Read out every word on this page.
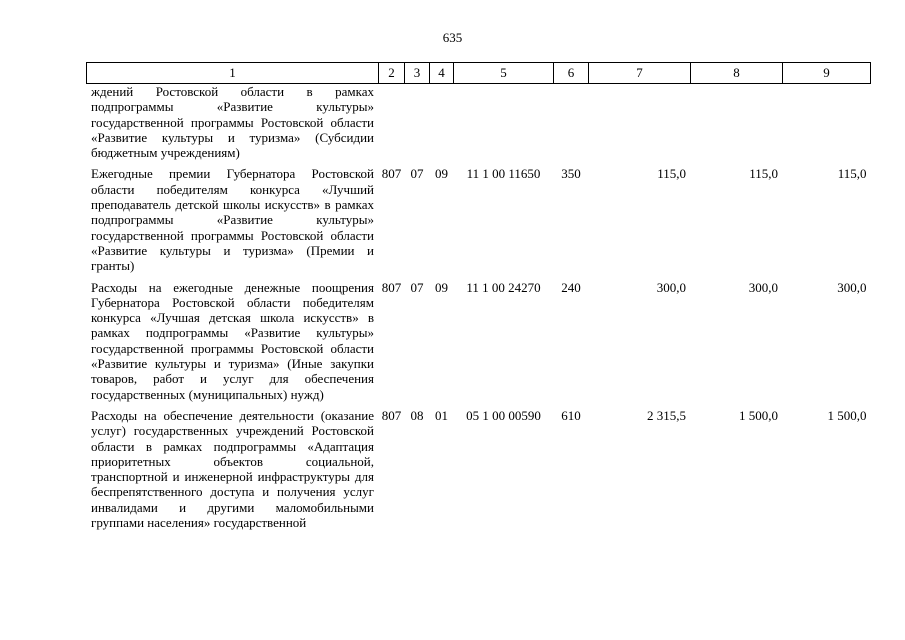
635
1	2	3	4	5	6	7	8	9
ждений Ростовской области в рамках подпрограммы «Развитие культуры» государственной программы Ростовской области «Развитие культуры и туризма» (Субсидии бюджетным учреждениям)								
Ежегодные премии Губернатора Ростовской области победителям конкурса «Лучший преподаватель детской школы искусств» в рамках подпрограммы «Развитие культуры» государственной программы Ростовской области «Развитие культуры и туризма» (Премии и гранты)	807	07	09	11 1 00 11650	350	115,0	115,0	115,0
Расходы на ежегодные денежные поощрения Губернатора Ростовской области победителям конкурса «Лучшая детская школа искусств» в рамках подпрограммы «Развитие культуры» государственной программы Ростовской области «Развитие культуры и туризма» (Иные закупки товаров, работ и услуг для обеспечения государственных (муниципальных) нужд)	807	07	09	11 1 00 24270	240	300,0	300,0	300,0
Расходы на обеспечение деятельности (оказание услуг) государственных учреждений Ростовской области в рамках подпрограммы «Адаптация приоритетных объектов социальной, транспортной и инженерной инфраструктуры для беспрепятственного доступа и получения услуг инвалидами и другими маломобильными группами населения» государственной	807	08	01	05 1 00 00590	610	2 315,5	1 500,0	1 500,0
